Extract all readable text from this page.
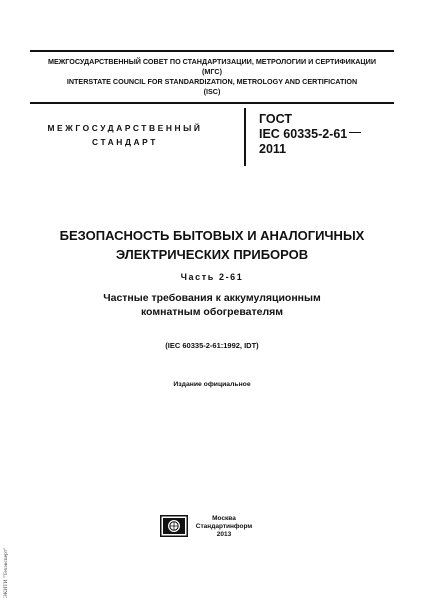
МЕЖГОСУДАРСТВЕННЫЙ СОВЕТ ПО СТАНДАРТИЗАЦИИ, МЕТРОЛОГИИ И СЕРТИФИКАЦИИ
(МГС)
INTERSTATE COUNCIL FOR STANDARDIZATION, METROLOGY AND CERTIFICATION
(ISC)
МЕЖГОСУДАРСТВЕННЫЙ
СТАНДАРТ
ГОСТ
IEC 60335-2-61
2011
БЕЗОПАСНОСТЬ БЫТОВЫХ И АНАЛОГИЧНЫХ
ЭЛЕКТРИЧЕСКИХ ПРИБОРОВ
Часть 2-61
Частные требования к аккумуляционным
комнатным обогревателям
(IEC 60335-2-61:1992, IDT)
Издание официальное
Москва
Стандартинформ
2013
ЭКИТИ "Техэксперт"
